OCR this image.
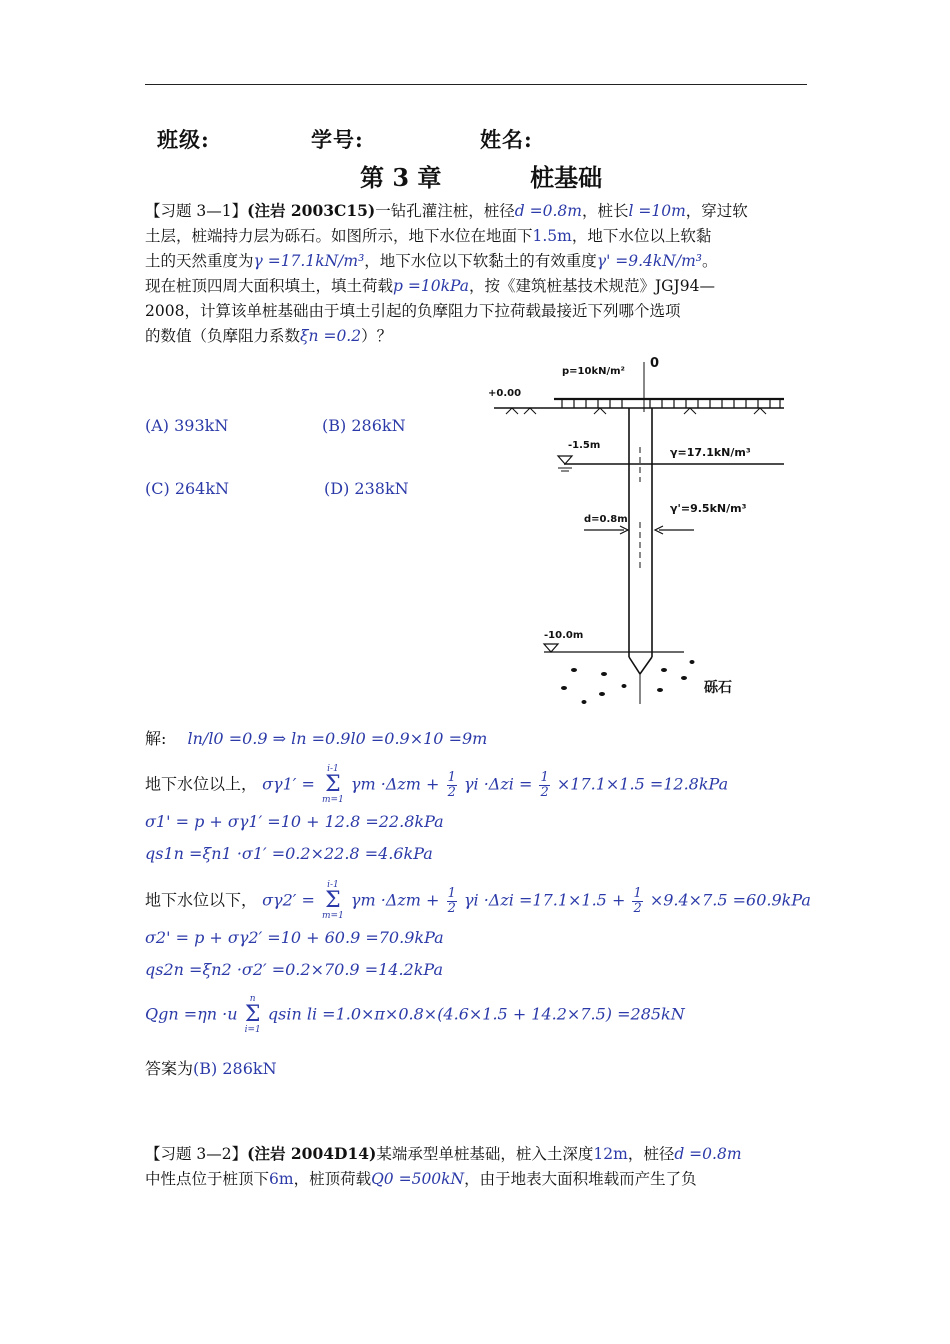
班级:	学号:	姓名:
第 3 章	桩基础
【习题 3—1】(注岩 2003C15)一钻孔灌注桩，桩径d =0.8m，桩长l =10m，穿过软
土层，桩端持力层为砾石。如图所示，地下水位在地面下1.5m，地下水位以上软黏
土的天然重度为γ =17.1kN/m³，地下水位以下软黏土的有效重度γ' =9.4kN/m³。
现在桩顶四周大面积填土，填土荷载p =10kPa，按《建筑桩基技术规范》JGJ94—
2008，计算该单桩基础由于填土引起的负摩阻力下拉荷载最接近下列哪个选项
的数值（负摩阻力系数ξn =0.2）？
(A) 393kN	(B) 286kN
(C) 264kN	(D) 238kN
p=10kN/m²
0
+0.00
-1.5m
γ=17.1kN/m³
γ'=9.5kN/m³
d=0.8m
-10.0m
砾石
解: ln/l0 =0.9 ⇒ ln =0.9l0 =0.9×10 =9m
地下水位以上， σγ1′ =
i-1
Σ
m=1
$\gamma m \cdot\Delta zm + \frac{1}{2}$ $\gamma i \cdot\Delta zi = \frac{1}{2} \times 17.1\times 1.5 =12.8kPa$
σ1' = p + σγ1′ =10 + 12.8 =22.8kPa
qs1n =ξn1 ·σ1′ =0.2×22.8 =4.6kPa
地下水位以下， σγ2′ =
i-1
Σ
m=1
$\gamma m \cdot\Delta zm + \frac{1}{2}$ $\gamma i \cdot\Delta zi =17.1\times 1.5 + \frac{1}{2} \times 9.4\times 7.5 =60.9kPa$
σ2' = p + σγ2′ =10 + 60.9 =70.9kPa
qs2n =ξn2 ·σ2′ =0.2×70.9 =14.2kPa
Qgn =ηn ·u
n
Σ
i=1
qsin li =1.0×π×0.8×(4.6×1.5 + 14.2×7.5) =285kN
答案为(B) 286kN
【习题 3—2】(注岩 2004D14)某端承型单桩基础，桩入土深度12m，桩径d =0.8m
中性点位于桩顶下6m，桩顶荷载Q0 =500kN，由于地表大面积堆载而产生了负
